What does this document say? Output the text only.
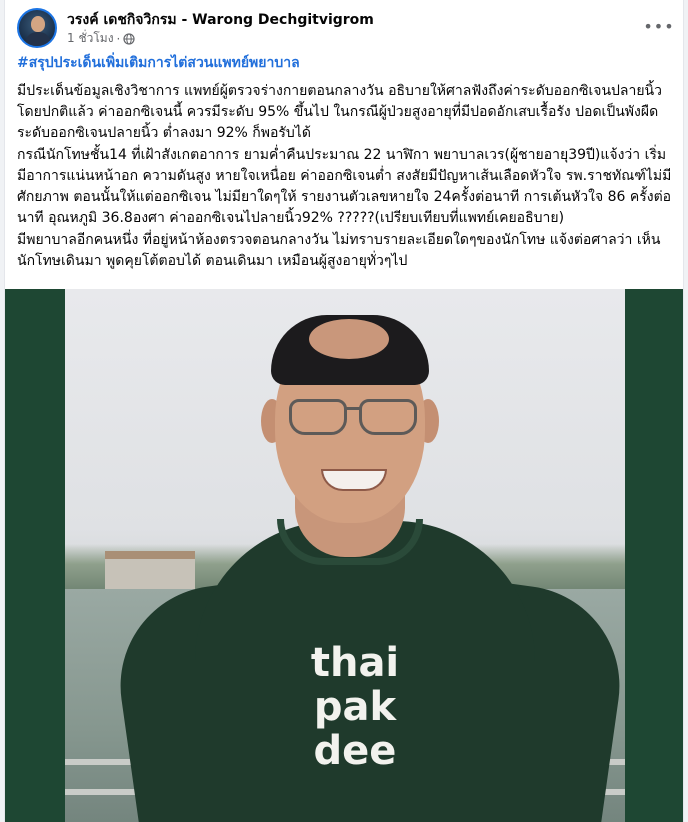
วรงค์ เดชกิจวิกรม - Warong Dechgitvigrom
1 ชั่วโมง ·
•••
#สรุปประเด็นเพิ่มเติมการไต่สวนแพทย์พยาบาล
มีประเด็นข้อมูลเชิงวิชาการ แพทย์ผู้ตรวจร่างกายตอนกลางวัน อธิบายให้ศาลฟังถึงค่าระดับออกซิเจนปลายนิ้ว โดยปกติแล้ว ค่าออกซิเจนนี้ ควรมีระดับ 95% ขึ้นไป ในกรณีผู้ป่วยสูงอายุที่มีปอดอักเสบเรื้อรัง ปอดเป็นพังผืด ระดับออกซิเจนปลายนิ้ว ต่ำลงมา 92% ก็พอรับได้
กรณีนักโทษชั้น14 ที่เฝ้าสังเกตอาการ ยามค่ำคืนประมาณ 22 นาฬิกา พยาบาลเวร(ผู้ชายอายุ39ปี)แจ้งว่า เริ่มมีอาการแน่นหน้าอก ความดันสูง หายใจเหนื่อย ค่าออกซิเจนต่ำ สงสัยมีปัญหาเส้นเลือดหัวใจ รพ.ราชทัณฑ์ไม่มีศักยภาพ ตอนนั้นให้แต่ออกซิเจน ไม่มียาใดๆให้ รายงานตัวเลขหายใจ 24ครั้งต่อนาที การเต้นหัวใจ 86 ครั้งต่อนาที อุณหภูมิ 36.8องศา ค่าออกซิเจนไปลายนิ้ว92% ?????(เปรียบเทียบที่แพทย์เคยอธิบาย)
มีพยาบาลอีกคนหนึ่ง ที่อยู่หน้าห้องตรวจตอนกลางวัน ไม่ทราบรายละเอียดใดๆของนักโทษ แจ้งต่อศาลว่า เห็นนักโทษเดินมา พูดคุยโต้ตอบได้ ตอนเดินมา เหมือนผู้สูงอายุทั่วๆไป
thai
pak
dee
